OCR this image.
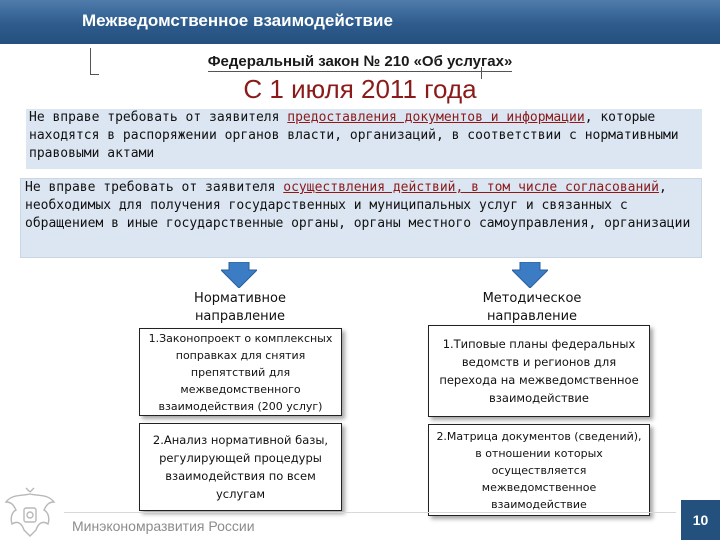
Межведомственное взаимодействие
Федеральный закон № 210 «Об услугах»
С 1 июля 2011 года
Не вправе требовать от заявителя предоставления документов и информации, которые находятся в распоряжении органов власти, организаций, в соответствии с нормативными правовыми актами
Не вправе требовать от заявителя осуществления действий, в том числе согласований, необходимых для получения государственных и муниципальных услуг и связанных с обращением в иные государственные органы, органы местного самоуправления, организации
Нормативное направление
Методическое направление
1.Законопроект о комплексных поправках для снятия препятствий для межведомственного взаимодействия (200 услуг)
2.Анализ нормативной базы, регулирующей процедуры взаимодействия по всем услугам
1.Типовые планы федеральных ведомств и регионов для перехода на межведомственное взаимодействие
2.Матрица документов (сведений), в отношении которых осуществляется межведомственное взаимодействие
Минэкономразвития России	10
